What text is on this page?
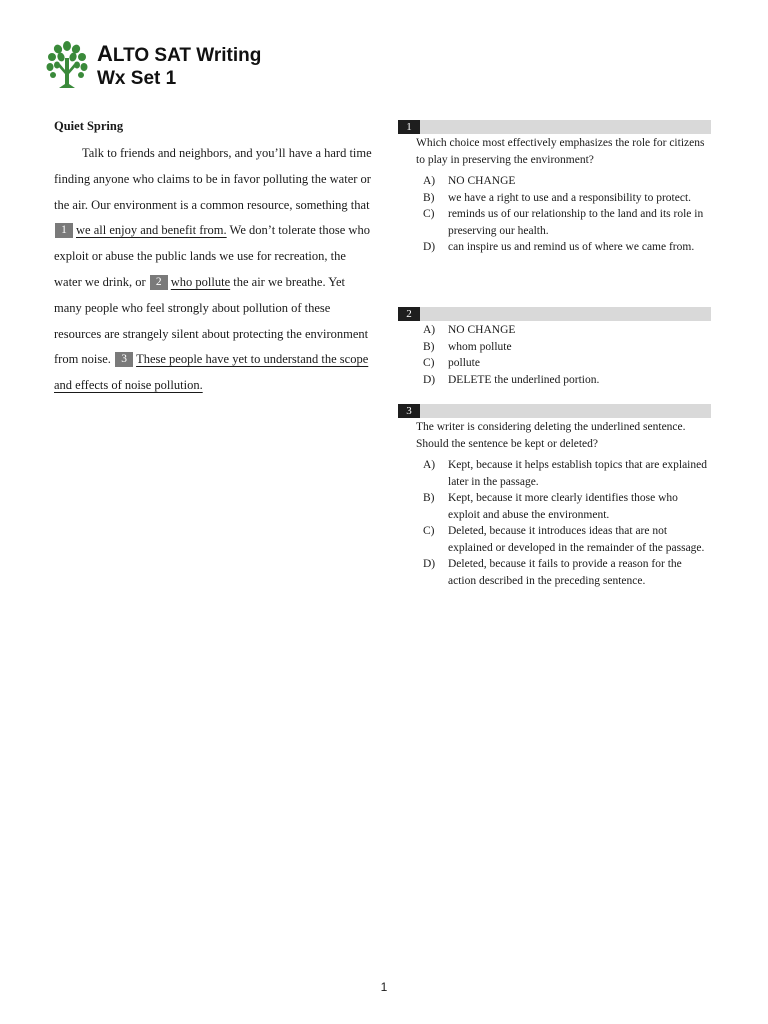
ALTO SAT Writing
Wx Set 1

Quiet Spring

Talk to friends and neighbors, and you’ll have a hard time finding anyone who claims to be in favor polluting the water or the air. Our environment is a common resource, something that 1 we all enjoy and benefit from. We don’t tolerate those who exploit or abuse the public lands we use for recreation, the water we drink, or 2 who pollute the air we breathe. Yet many people who feel strongly about pollution of these resources are strangely silent about protecting the environment from noise. 3 These people have yet to understand the scope and effects of noise pollution.

1
Which choice most effectively emphasizes the role for citizens to play in preserving the environment?
A) NO CHANGE
B) we have a right to use and a responsibility to protect.
C) reminds us of our relationship to the land and its role in preserving our health.
D) can inspire us and remind us of where we came from.
2
A) NO CHANGE
B) whom pollute
C) pollute
D) DELETE the underlined portion.
3
The writer is considering deleting the underlined sentence. Should the sentence be kept or deleted?
A) Kept, because it helps establish topics that are explained later in the passage.
B) Kept, because it more clearly identifies those who exploit and abuse the environment.
C) Deleted, because it introduces ideas that are not explained or developed in the remainder of the passage.
D) Deleted, because it fails to provide a reason for the action described in the preceding sentence.
1
